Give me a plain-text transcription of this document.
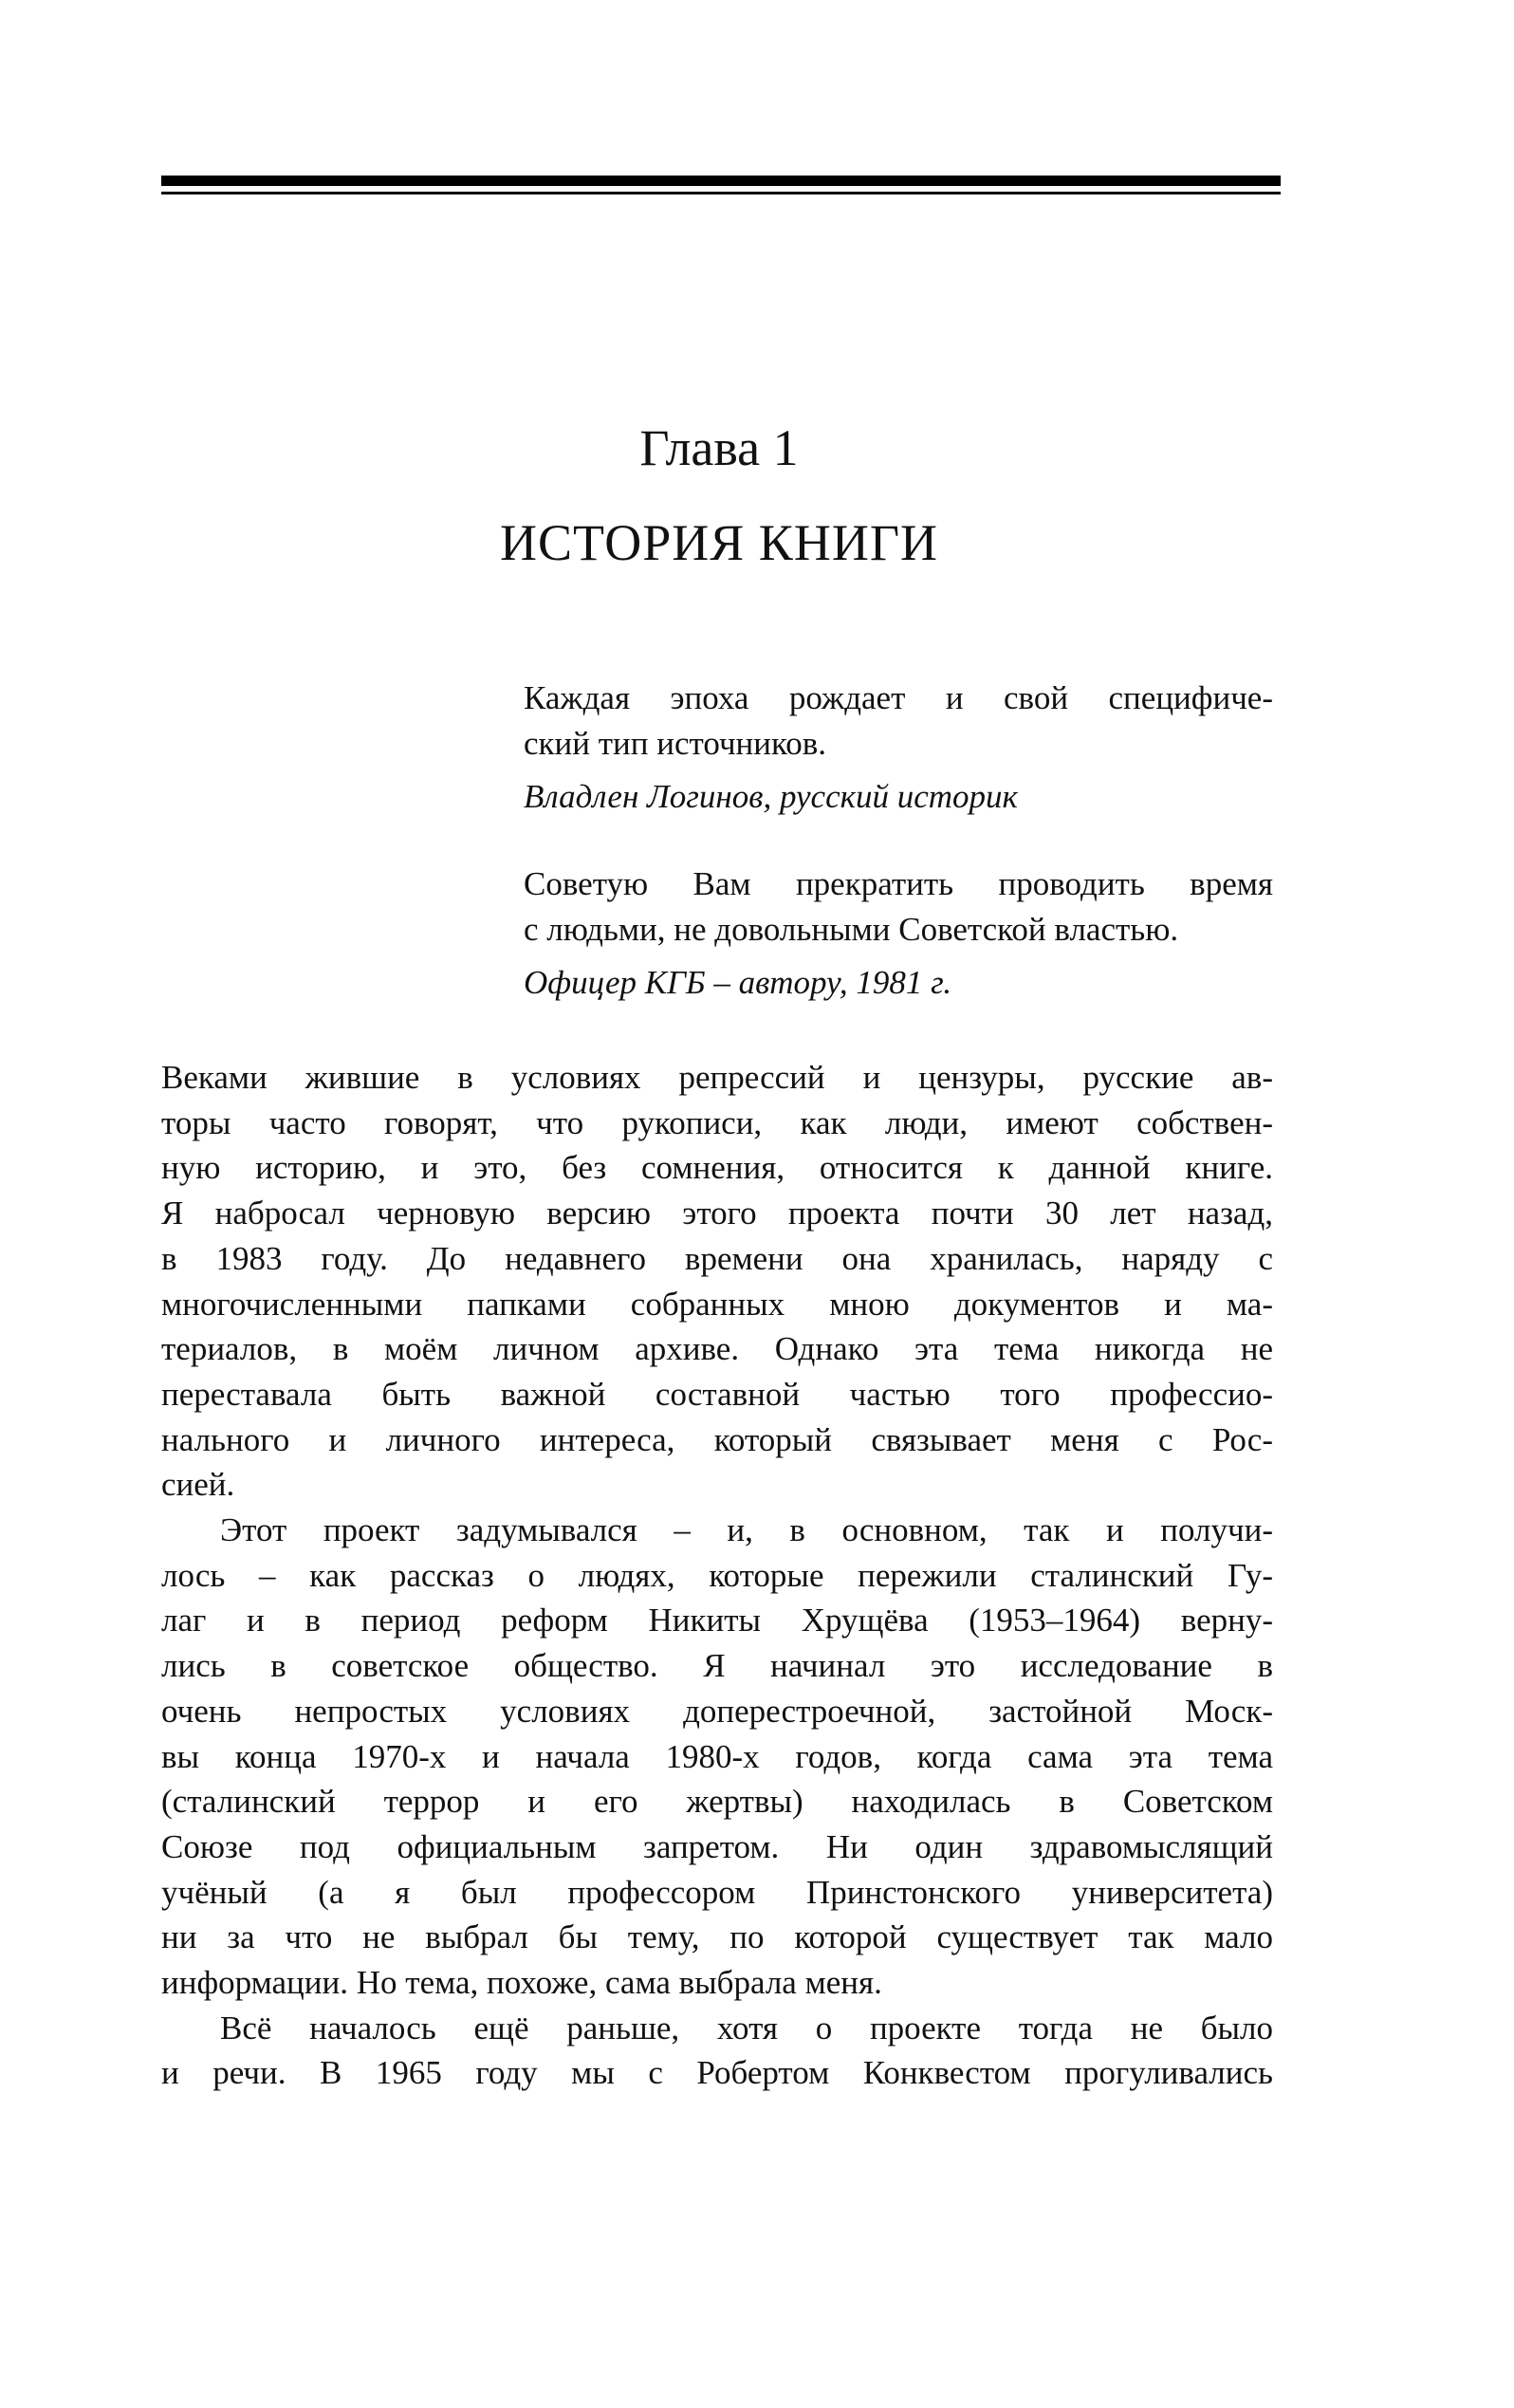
Глава 1
ИСТОРИЯ КНИГИ

Каждая эпоха рождает и свой специфиче-
ский тип источников.

Владлен Логинов, русский историк

Советую Вам прекратить проводить время
с людьми, не довольными Советской властью.

Офицер КГБ – автору, 1981 г.

Веками жившие в условиях репрессий и цензуры, русские ав-
торы часто говорят, что рукописи, как люди, имеют собствен-
ную историю, и это, без сомнения, относится к данной книге.
Я набросал черновую версию этого проекта почти 30 лет назад,
в 1983 году. До недавнего времени она хранилась, наряду с
многочисленными папками собранных мною документов и ма-
териалов, в моём личном архиве. Однако эта тема никогда не
переставала быть важной составной частью того профессио-
нального и личного интереса, который связывает меня с Рос-
сией.

Этот проект задумывался – и, в основном, так и получи-
лось – как рассказ о людях, которые пережили сталинский Гу-
лаг и в период реформ Никиты Хрущёва (1953–1964) верну-
лись в советское общество. Я начинал это исследование в
очень непростых условиях доперестроечной, застойной Моск-
вы конца 1970-х и начала 1980-х годов, когда сама эта тема
(сталинский террор и его жертвы) находилась в Советском
Союзе под официальным запретом. Ни один здравомыслящий
учёный (а я был профессором Принстонского университета)
ни за что не выбрал бы тему, по которой существует так мало
информации. Но тема, похоже, сама выбрала меня.

Всё началось ещё раньше, хотя о проекте тогда не было
и речи. В 1965 году мы с Робертом Конквестом прогуливались
